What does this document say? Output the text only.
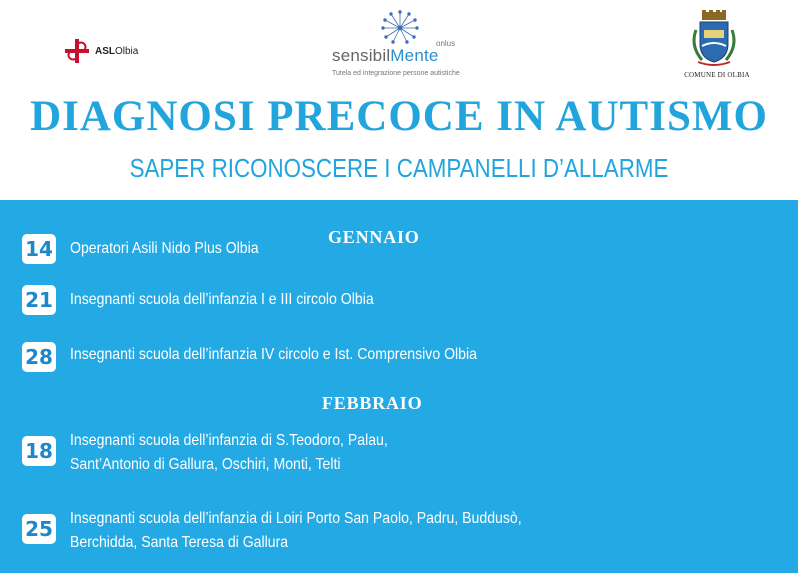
ASLOlbia
onlus
sensibilMente
Tutela ed integrazione persone autistiche	COMUNE DI OLBIA
DIAGNOSI PRECOCE IN AUTISMO
SAPER RICONOSCERE I CAMPANELLI D’ALLARME
GENNAIO
14 Operatori Asili Nido Plus Olbia
21 Insegnanti scuola dell’infanzia I e III circolo Olbia
28 Insegnanti scuola dell’infanzia IV circolo e Ist. Comprensivo Olbia
FEBBRAIO
18 Insegnanti scuola dell’infanzia di S.Teodoro, Palau,
Sant’Antonio di Gallura, Oschiri, Monti, Telti
25 Insegnanti scuola dell’infanzia di Loiri Porto San Paolo, Padru, Buddusò,
Berchidda, Santa Teresa di Gallura
